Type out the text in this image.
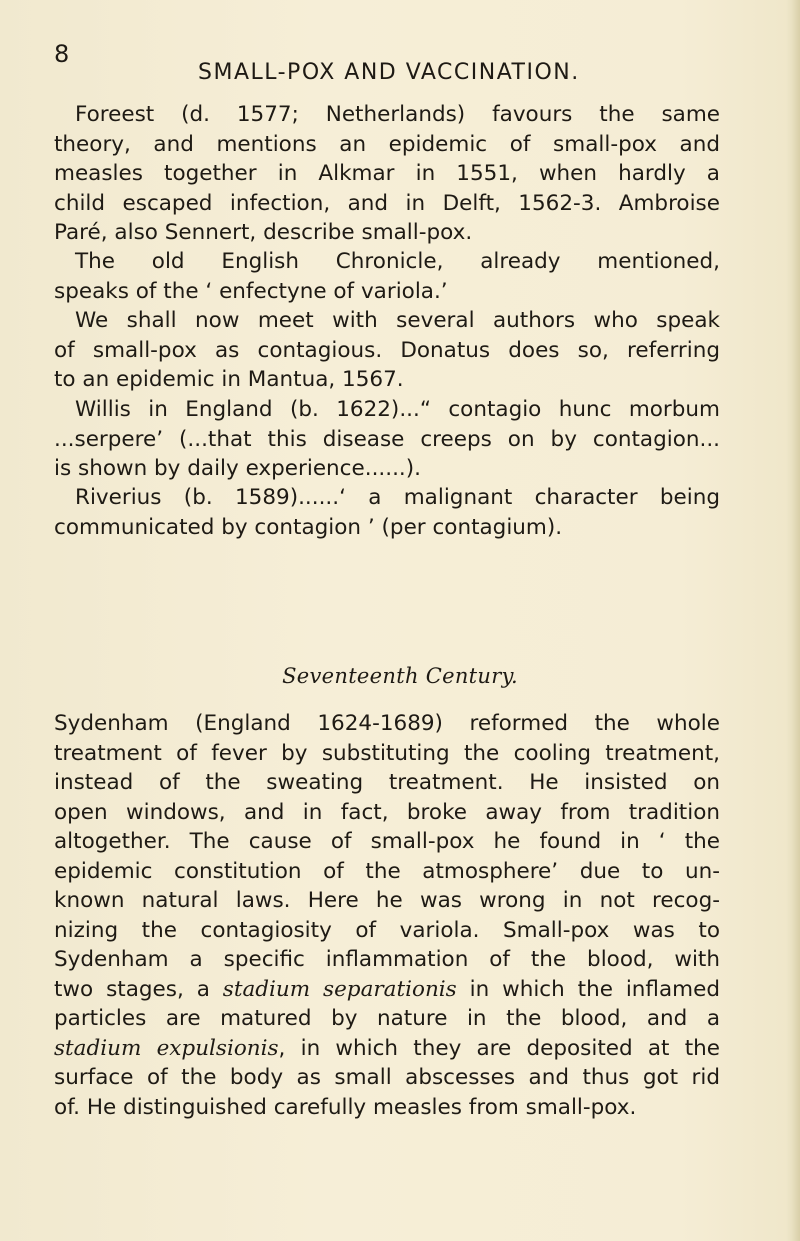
8
SMALL-POX AND VACCINATION.
Foreest (d. 1577; Netherlands) favours the same
theory, and mentions an epidemic of small-pox and
measles together in Alkmar in 1551, when hardly a
child escaped infection, and in Delft, 1562-3. Ambroise
Paré, also Sennert, describe small-pox.
The old English Chronicle, already mentioned,
speaks of the ‘ enfectyne of variola.’
We shall now meet with several authors who speak
of small-pox as contagious. Donatus does so, referring
to an epidemic in Mantua, 1567.
Willis in England (b. 1622)...“ contagio hunc morbum
...serpere’ (...that this disease creeps on by contagion...
is shown by daily experience......).
Riverius (b. 1589)......‘ a malignant character being
communicated by contagion ’ (per contagium).
Seventeenth Century.
Sydenham (England 1624-1689) reformed the whole
treatment of fever by substituting the cooling treatment,
instead of the sweating treatment. He insisted on
open windows, and in fact, broke away from tradition
altogether. The cause of small-pox he found in ‘ the
epidemic constitution of the atmosphere’ due to un-
known natural laws. Here he was wrong in not recog-
nizing the contagiosity of variola. Small-pox was to
Sydenham a specific inflammation of the blood, with
two stages, a stadium separationis in which the inflamed
particles are matured by nature in the blood, and a
stadium expulsionis, in which they are deposited at the
surface of the body as small abscesses and thus got rid
of. He distinguished carefully measles from small-pox.
